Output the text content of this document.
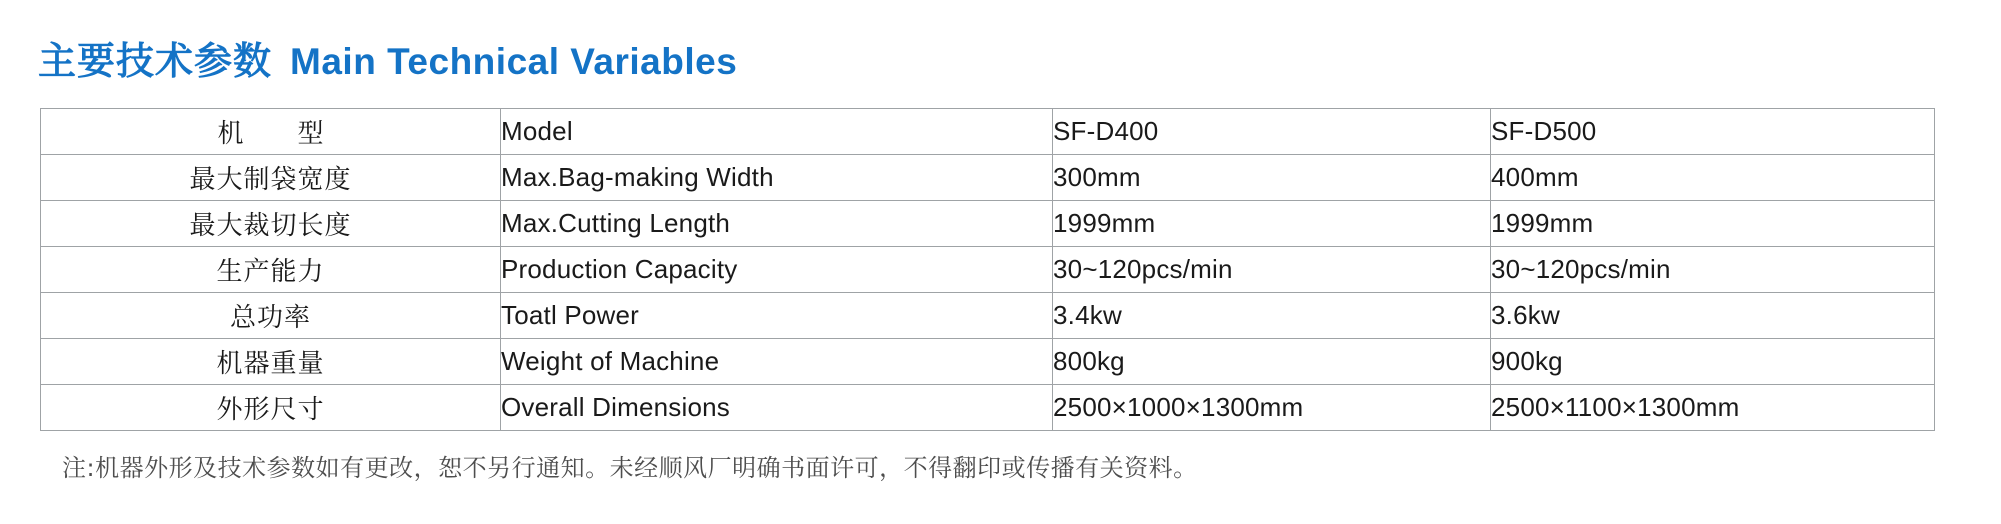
主要技术参数 Main Technical Variables
机　型	Model	SF-D400	SF-D500
最大制袋宽度	Max.Bag-making Width	300mm	400mm
最大裁切长度	Max.Cutting Length	1999mm	1999mm
生产能力	Production Capacity	30~120pcs/min	30~120pcs/min
总功率	Toatl Power	3.4kw	3.6kw
机器重量	Weight of Machine	800kg	900kg
外形尺寸	Overall Dimensions	2500×1000×1300mm	2500×1100×1300mm
注:机器外形及技术参数如有更改，恕不另行通知。未经顺风厂明确书面许可，不得翻印或传播有关资料。
